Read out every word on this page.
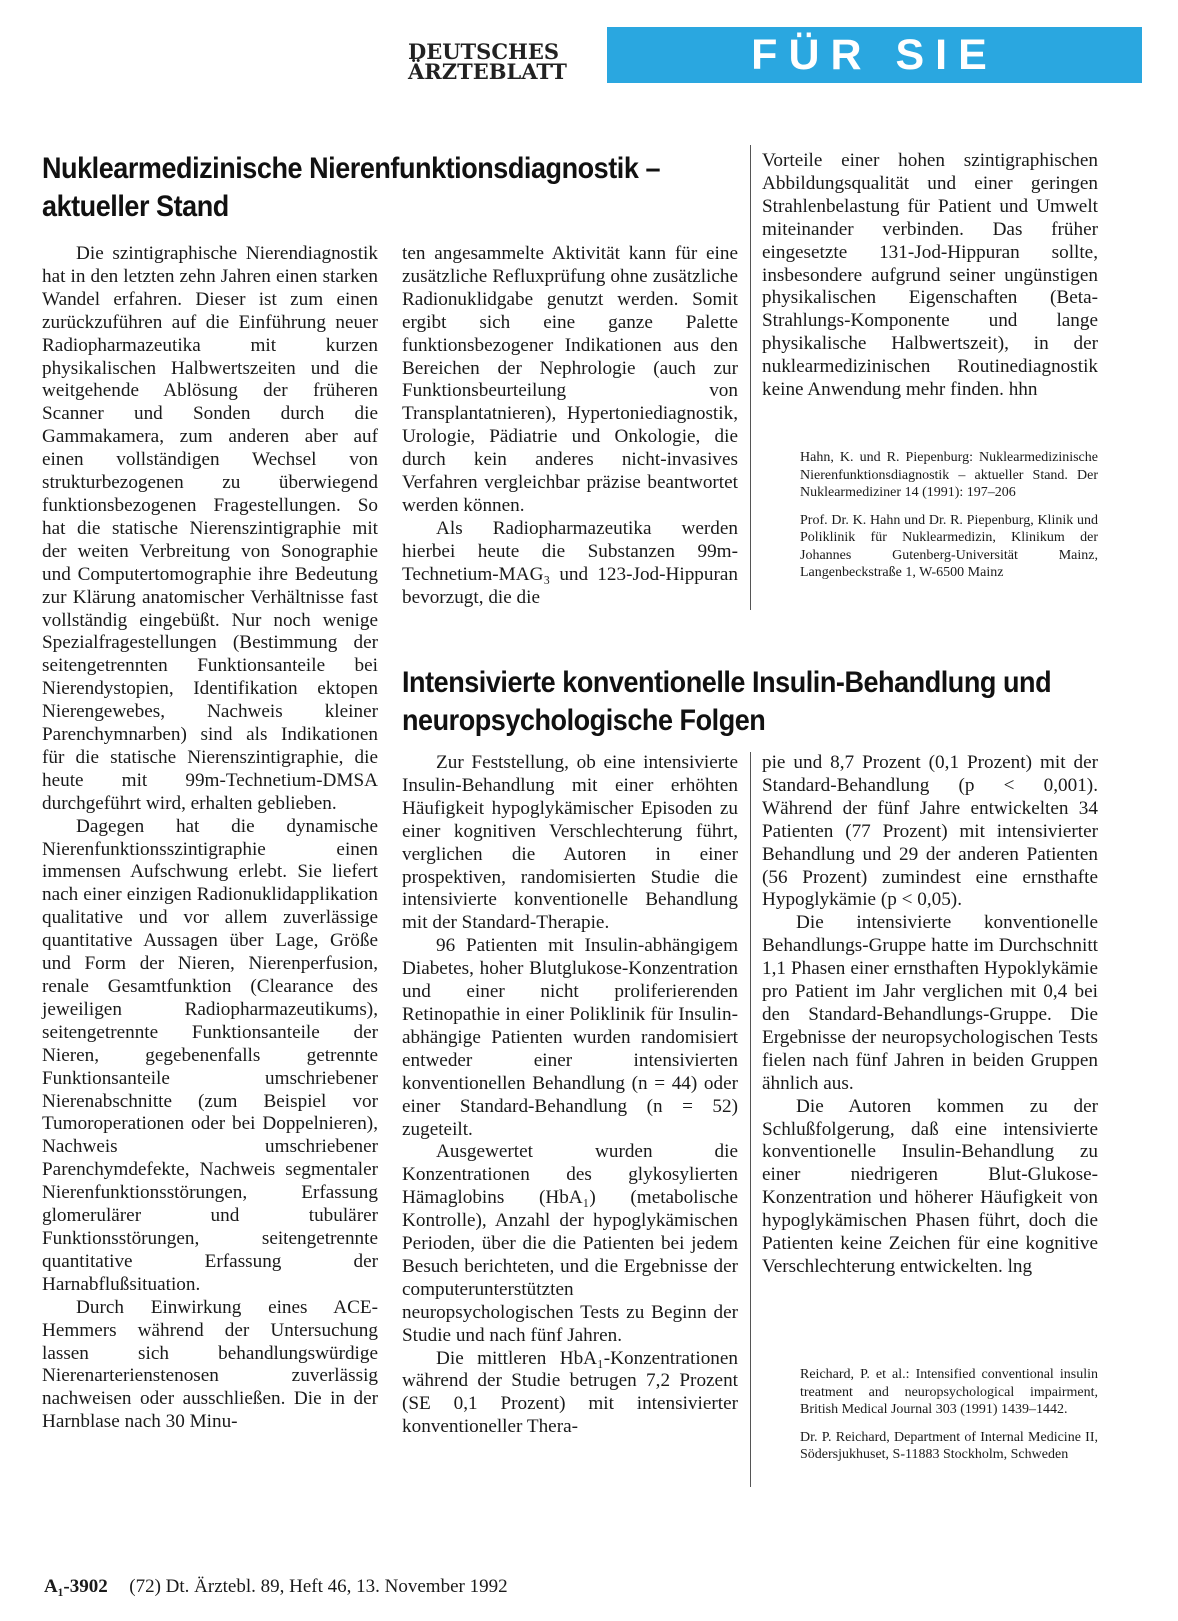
DEUTSCHES
ÄRZTEBLATT	FÜR SIE REFERIERT
Nuklearmedizinische Nierenfunktionsdiagnostik – aktueller Stand

Die szintigraphische Nierendiagnostik hat in den letzten zehn Jahren einen starken Wandel erfahren. Dieser ist zum einen zurückzuführen auf die Einführung neuer Radiopharmazeutika mit kurzen physikalischen Halbwertszeiten und die weitgehende Ablösung der früheren Scanner und Sonden durch die Gammakamera, zum anderen aber auf einen vollständigen Wechsel von strukturbezogenen zu überwiegend funktionsbezogenen Fragestellungen. So hat die statische Nierenszintigraphie mit der weiten Verbreitung von Sonographie und Computertomographie ihre Bedeutung zur Klärung anatomischer Verhältnisse fast vollständig eingebüßt. Nur noch wenige Spezialfragestellungen (Bestimmung der seitengetrennten Funktionsanteile bei Nierendystopien, Identifikation ektopen Nierengewebes, Nachweis kleiner Parenchymnarben) sind als Indikationen für die statische Nierenszintigraphie, die heute mit 99m-Technetium-DMSA durchgeführt wird, erhalten geblieben.

Dagegen hat die dynamische Nierenfunktionsszintigraphie einen immensen Aufschwung erlebt. Sie liefert nach einer einzigen Radionuklidapplikation qualitative und vor allem zuverlässige quantitative Aussagen über Lage, Größe und Form der Nieren, Nierenperfusion, renale Gesamtfunktion (Clearance des jeweiligen Radiopharmazeutikums), seitengetrennte Funktionsanteile der Nieren, gegebenenfalls getrennte Funktionsanteile umschriebener Nierenabschnitte (zum Beispiel vor Tumoroperationen oder bei Doppelnieren), Nachweis umschriebener Parenchymdefekte, Nachweis segmentaler Nierenfunktionsstörungen, Erfassung glomerulärer und tubulärer Funktionsstörungen, seitengetrennte quantitative Erfassung der Harnabflußsituation.

Durch Einwirkung eines ACE-Hemmers während der Untersuchung lassen sich behandlungswürdige Nierenarterienstenosen zuverlässig nachweisen oder ausschließen. Die in der Harnblase nach 30 Minu-

ten angesammelte Aktivität kann für eine zusätzliche Refluxprüfung ohne zusätzliche Radionuklidgabe genutzt werden. Somit ergibt sich eine ganze Palette funktionsbezogener Indikationen aus den Bereichen der Nephrologie (auch zur Funktionsbeurteilung von Transplantatnieren), Hypertoniediagnostik, Urologie, Pädiatrie und Onkologie, die durch kein anderes nicht-invasives Verfahren vergleichbar präzise beantwortet werden können.

Als Radiopharmazeutika werden hierbei heute die Substanzen 99m-Technetium-MAG₃ und 123-Jod-Hippuran bevorzugt, die die

Vorteile einer hohen szintigraphischen Abbildungsqualität und einer geringen Strahlenbelastung für Patient und Umwelt miteinander verbinden. Das früher eingesetzte 131-Jod-Hippuran sollte, insbesondere aufgrund seiner ungünstigen physikalischen Eigenschaften (Beta-Strahlungs-Komponente und lange physikalische Halbwertszeit), in der nuklearmedizinischen Routinediagnostik keine Anwendung mehr finden. hhn

Hahn, K. und R. Piepenburg: Nuklearmedizinische Nierenfunktionsdiagnostik – aktueller Stand. Der Nuklearmediziner 14 (1991): 197–206

Prof. Dr. K. Hahn und Dr. R. Piepenburg, Klinik und Poliklinik für Nuklearmedizin, Klinikum der Johannes Gutenberg-Universität Mainz, Langenbeckstraße 1, W-6500 Mainz

Intensivierte konventionelle Insulin-Behandlung und neuropsychologische Folgen

Zur Feststellung, ob eine intensivierte Insulin-Behandlung mit einer erhöhten Häufigkeit hypoglykämischer Episoden zu einer kognitiven Verschlechterung führt, verglichen die Autoren in einer prospektiven, randomisierten Studie die intensivierte konventionelle Behandlung mit der Standard-Therapie.

96 Patienten mit Insulin-abhängigem Diabetes, hoher Blutglukose-Konzentration und einer nicht proliferierenden Retinopathie in einer Poliklinik für Insulin-abhängige Patienten wurden randomisiert entweder einer intensivierten konventionellen Behandlung (n = 44) oder einer Standard-Behandlung (n = 52) zugeteilt.

Ausgewertet wurden die Konzentrationen des glykosylierten Hämaglobins (HbA₁) (metabolische Kontrolle), Anzahl der hypoglykämischen Perioden, über die die Patienten bei jedem Besuch berichteten, und die Ergebnisse der computerunterstützten neuropsychologischen Tests zu Beginn der Studie und nach fünf Jahren.

Die mittleren HbA₁-Konzentrationen während der Studie betrugen 7,2 Prozent (SE 0,1 Prozent) mit intensivierter konventioneller Thera-

pie und 8,7 Prozent (0,1 Prozent) mit der Standard-Behandlung (p < 0,001). Während der fünf Jahre entwickelten 34 Patienten (77 Prozent) mit intensivierter Behandlung und 29 der anderen Patienten (56 Prozent) zumindest eine ernsthafte Hypoglykämie (p < 0,05).

Die intensivierte konventionelle Behandlungs-Gruppe hatte im Durchschnitt 1,1 Phasen einer ernsthaften Hypoklykämie pro Patient im Jahr verglichen mit 0,4 bei den Standard-Behandlungs-Gruppe. Die Ergebnisse der neuropsychologischen Tests fielen nach fünf Jahren in beiden Gruppen ähnlich aus.

Die Autoren kommen zu der Schlußfolgerung, daß eine intensivierte konventionelle Insulin-Behandlung zu einer niedrigeren Blut-Glukose-Konzentration und höherer Häufigkeit von hypoglykämischen Phasen führt, doch die Patienten keine Zeichen für eine kognitive Verschlechterung entwickelten. lng

Reichard, P. et al.: Intensified conventional insulin treatment and neuropsychological impairment, British Medical Journal 303 (1991) 1439–1442.

Dr. P. Reichard, Department of Internal Medicine II, Södersjukhuset, S-11883 Stockholm, Schweden

A₁-3902 (72) Dt. Ärztebl. 89, Heft 46, 13. November 1992
